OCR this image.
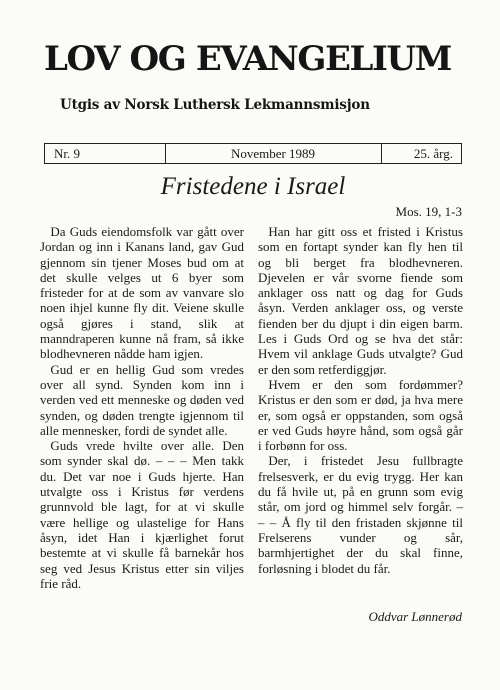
LOV OG EVANGELIUM
Utgis av Norsk Luthersk Lekmannsmisjon
Nr. 9	November 1989	25. årg.
Fristedene i Israel
Mos. 19, 1-3

Da Guds eiendomsfolk var gått over Jordan og inn i Kanans land, gav Gud gjennom sin tjener Moses bud om at det skulle velges ut 6 byer som fristeder for at de som av vanvare slo noen ihjel kunne fly dit. Veiene skulle også gjøres i stand, slik at manndraperen kunne nå fram, så ikke blodhevneren nådde ham igjen.

Gud er en hellig Gud som vredes over all synd. Synden kom inn i verden ved ett menneske og døden ved synden, og døden trengte igjennom til alle mennesker, fordi de syndet alle.

Guds vrede hvilte over alle. Den som synder skal dø. – – – Men takk du. Det var noe i Guds hjerte. Han utvalgte oss i Kristus før verdens grunnvold ble lagt, for at vi skulle være hellige og ulastelige for Hans åsyn, idet Han i kjærlighet forut bestemte at vi skulle få barnekår hos seg ved Jesus Kristus etter sin viljes frie råd.

Han har gitt oss et fristed i Kristus som en fortapt synder kan fly hen til og bli berget fra blodhevneren. Djevelen er vår svorne fiende som anklager oss natt og dag for Guds åsyn. Verden anklager oss, og verste fienden ber du djupt i din eigen barm. Les i Guds Ord og se hva det står: Hvem vil anklage Guds utvalgte? Gud er den som retferdiggjør.

Hvem er den som fordømmer? Kristus er den som er død, ja hva mere er, som også er oppstanden, som også er ved Guds høyre hånd, som også går i forbønn for oss.

Der, i fristedet Jesu fullbragte frelsesverk, er du evig trygg. Her kan du få hvile ut, på en grunn som evig står, om jord og himmel selv forgår. – – – Å fly til den fristaden skjønne til Frelserens vunder og sår, barmhjertighet der du skal finne, forløsning i blodet du får.

Oddvar Lønnerød
